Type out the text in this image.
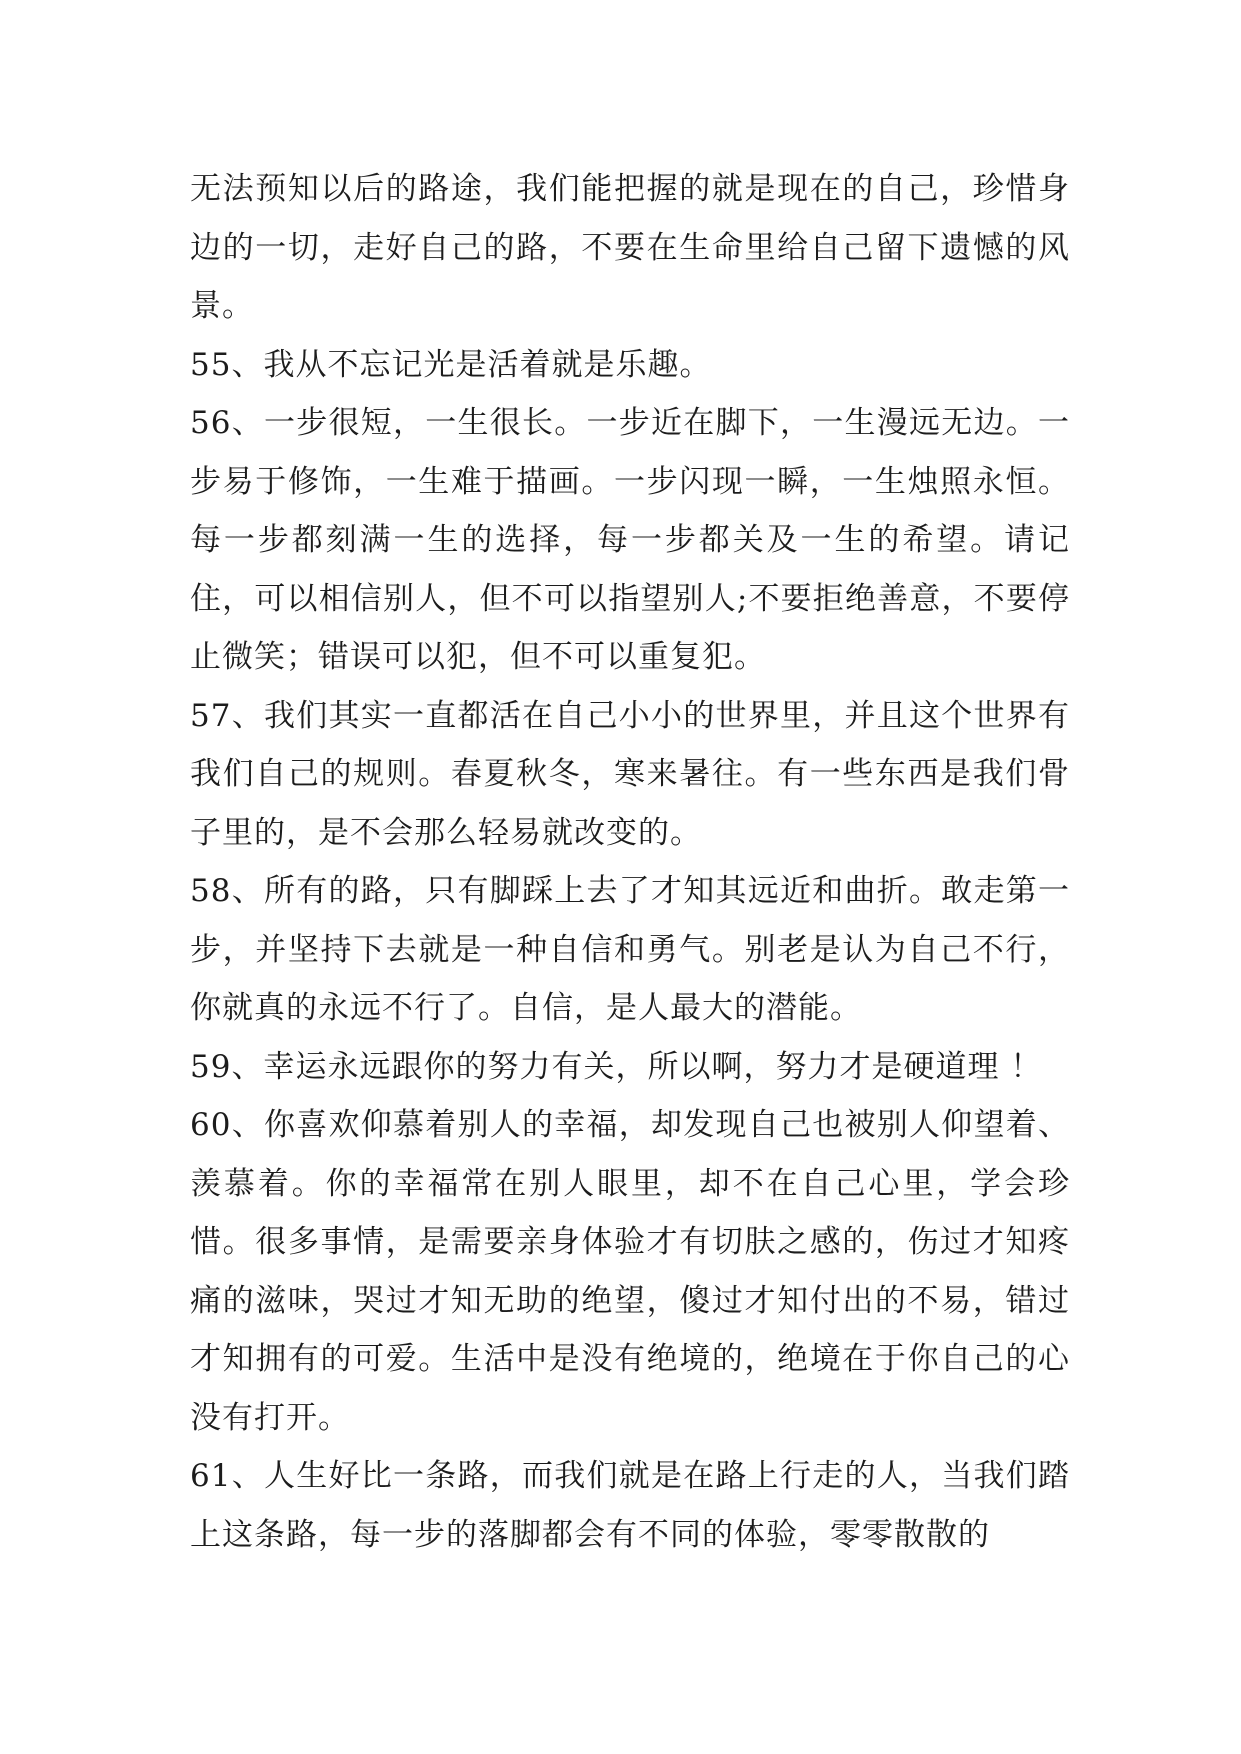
无法预知以后的路途，我们能把握的就是现在的自己，珍惜身边的一切，走好自己的路，不要在生命里给自己留下遗憾的风景。

55、我从不忘记光是活着就是乐趣。

56、一步很短，一生很长。一步近在脚下，一生漫远无边。一步易于修饰，一生难于描画。一步闪现一瞬，一生烛照永恒。每一步都刻满一生的选择，每一步都关及一生的希望。请记住，可以相信别人，但不可以指望别人;不要拒绝善意，不要停止微笑；错误可以犯，但不可以重复犯。

57、我们其实一直都活在自己小小的世界里，并且这个世界有我们自己的规则。春夏秋冬，寒来暑往。有一些东西是我们骨子里的，是不会那么轻易就改变的。

58、所有的路，只有脚踩上去了才知其远近和曲折。敢走第一步，并坚持下去就是一种自信和勇气。别老是认为自己不行，你就真的永远不行了。自信，是人最大的潜能。

59、幸运永远跟你的努力有关，所以啊，努力才是硬道理 ！

60、你喜欢仰慕着别人的幸福，却发现自己也被别人仰望着、羡慕着。你的幸福常在别人眼里，却不在自己心里，学会珍惜。很多事情，是需要亲身体验才有切肤之感的，伤过才知疼痛的滋味，哭过才知无助的绝望，傻过才知付出的不易，错过才知拥有的可爱。生活中是没有绝境的，绝境在于你自己的心没有打开。

61、人生好比一条路，而我们就是在路上行走的人，当我们踏上这条路，每一步的落脚都会有不同的体验，零零散散的
